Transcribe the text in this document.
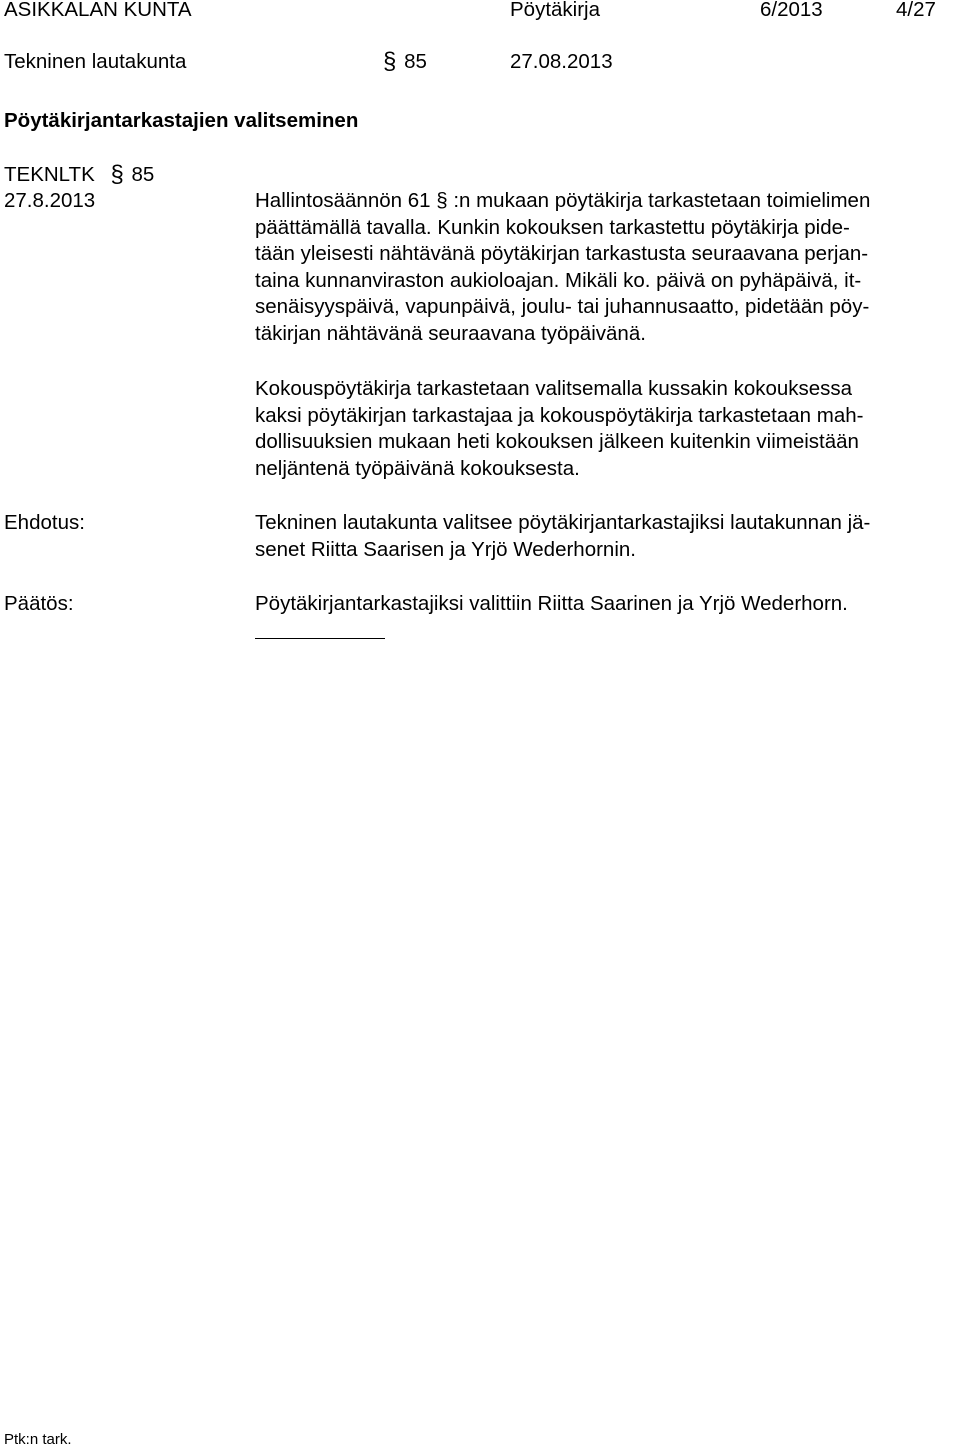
ASIKKALAN KUNTA	Pöytäkirja	6/2013	4/27
Tekninen lautakunta	§ 85	27.08.2013
Pöytäkirjantarkastajien valitseminen
TEKNLTK § 85
27.8.2013	Hallintosäännön 61 § :n mukaan pöytäkirja tarkastetaan toimielimen
päättämällä tavalla. Kunkin kokouksen tarkastettu pöytäkirja pide-
tään yleisesti nähtävänä pöytäkirjan tarkastusta seuraavana perjan-
taina kunnanviraston aukioloajan. Mikäli ko. päivä on pyhäpäivä, it-
senäisyyspäivä, vapunpäivä, joulu- tai juhannusaatto, pidetään pöy-
täkirjan nähtävänä seuraavana työpäivänä.
Kokouspöytäkirja tarkastetaan valitsemalla kussakin kokouksessa
kaksi pöytäkirjan tarkastajaa ja kokouspöytäkirja tarkastetaan mah-
dollisuuksien mukaan heti kokouksen jälkeen kuitenkin viimeistään
neljäntenä työpäivänä kokouksesta.
Ehdotus:	Tekninen lautakunta valitsee pöytäkirjantarkastajiksi lautakunnan jä-
senet Riitta Saarisen ja Yrjö Wederhornin.
Päätös:	Pöytäkirjantarkastajiksi valittiin Riitta Saarinen ja Yrjö Wederhorn.
Ptk:n tark.
